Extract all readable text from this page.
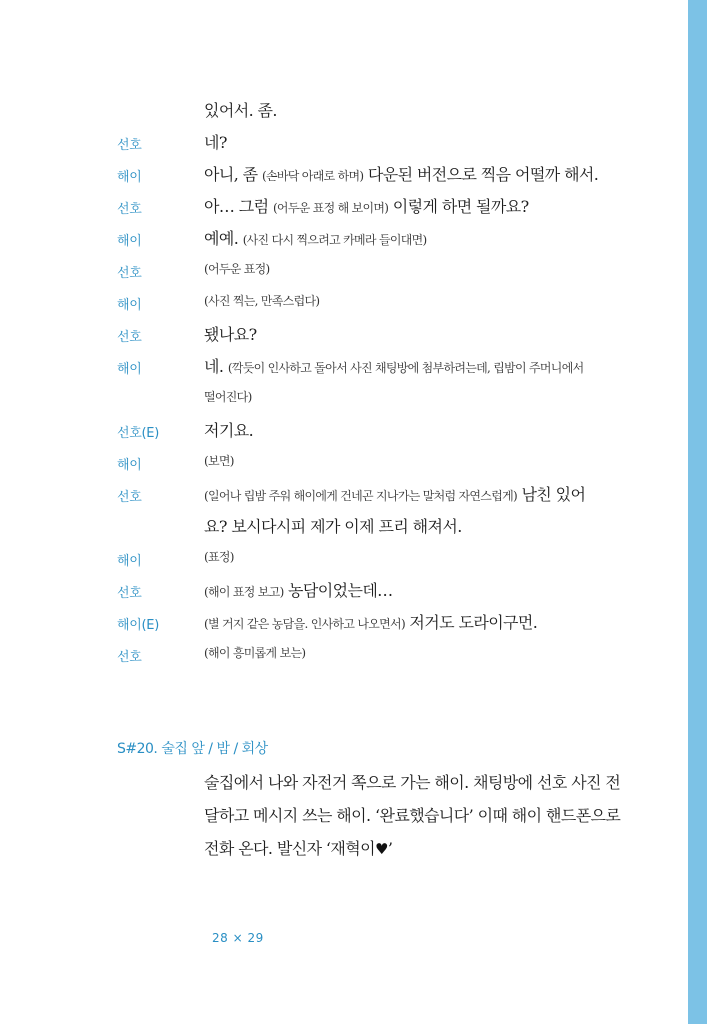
있어서. 좀.
선호	네?
해이	아니, 좀 (손바닥 아래로 하며) 다운된 버전으로 찍음 어떨까 해서.
선호	아… 그럼 (어두운 표정 해 보이며) 이렇게 하면 될까요?
해이	예예. (사진 다시 찍으려고 카메라 들이대면)
선호	(어두운 표정)
해이	(사진 찍는, 만족스럽다)
선호	됐나요?
해이	네. (깍듯이 인사하고 돌아서 사진 채팅방에 첨부하려는데, 립밤이 주머니에서
떨어진다)
선호(E)	저기요.
해이	(보면)
선호	(일어나 립밤 주워 해이에게 건네곤 지나가는 말처럼 자연스럽게) 남친 있어
요? 보시다시피 제가 이제 프리 해져서.
해이	(표정)
선호	(해이 표정 보고) 농담이었는데…
해이(E)	(별 거지 같은 농담을. 인사하고 나오면서) 저거도 도라이구먼.
선호	(해이 흥미롭게 보는)
S#20. 술집 앞 / 밤 / 회상
술집에서 나와 자전거 쪽으로 가는 해이. 채팅방에 선호 사진 전
달하고 메시지 쓰는 해이. ‘완료했습니다’ 이때 해이 핸드폰으로
전화 온다. 발신자 ‘재혁이♥’
28 × 29
